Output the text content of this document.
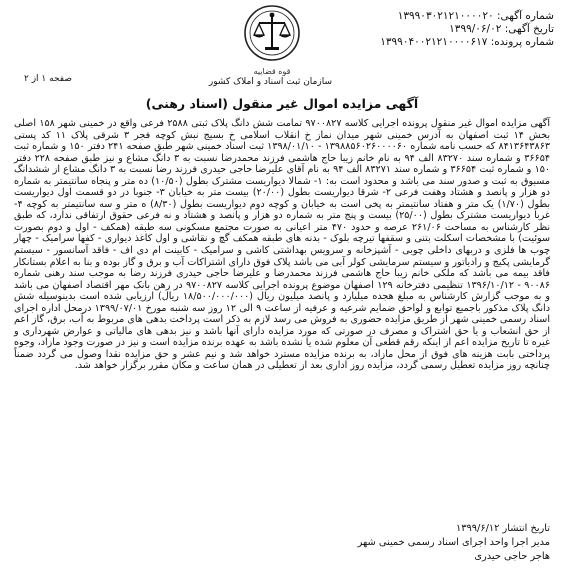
شماره آگهی: ۱۳۹۹۰۳۰۲۱۲۱۰۰۰۰۲۰
تاریخ آگهی: ۱۳۹۹/۰۶/۰۲
شماره پرونده: ۱۳۹۹۰۴۰۰۲۱۲۱۰۰۰۰۶۱۷
قوه قضاییه
سازمان ثبت اسناد و املاک کشور
صفحه ۱ از ۲
آگهی مزایده اموال غیر منقول (اسناد رهنی)
آگهی مزایده اموال غیر منقول پرونده اجرایی کلاسه ۹۷۰۰۸۲۷ تمامت شش دانگ پلاک ثبتی ۲۵۸۸ فرعی واقع در خمینی شهر ۱۵۸ اصلی بخش ۱۴ ثبت اصفهان به آدرس خمینی شهر میدان نماز خ انقلاب اسلامی خ بسیج نبش کوچه فجر ۳ شرقی پلاک ۱۱ کد پستی ۸۴۱۳۶۴۳۸۶۳ که حسب نامه شماره ۱۳۹۸۸۵۶۰۲۶۰۰۰۰۶۰ - ۱۳۹۸/۰۱/۱۰ ثبت اسناد خمینی شهر طبق صفحه ۲۴۱ دفتر ۱۵۰ و شماره ثبت ۳۶۶۵۴ و شماره سند ۸۳۲۷۰ الف ۹۴ به نام خانم زیبا حاج هاشمی فرزند محمدرضا نسبت به ۳ دانگ مشاع و نیز طبق صفحه ۲۲۸ دفتر ۱۵۰ و شماره ثبت ۳۶۶۵۴ و شماره سند ۸۳۲۷۱ الف ۹۴ به نام آقای علیرضا حاجی حیدری فرزند رضا نسبت به ۳ دانگ مشاع از ششدانگ مسبوق به ثبت و صدور سند می باشد و محدود است به: ۱- شمالا دیواریست مشترک بطول (۱۰/۵۰) ده متر و پنجاه سانتیمتر به شماره دو هزار و پانصد و هشتاد وهفت فرعی ۲- شرقا دیواریست بطول (۲۰/۰۰) بیست متر به خیابان ۳- جنوبا در دو قسمت اول دیواریست بطول (۱/۷۰) یک متر و هفتاد سانتیمتر به پخی است به خیابان و کوچه دوم دیواریست بطول (۸/۳۰) ه متر و سه سانتیمتر به کوچه ۴- غربا دیواریست مشترک بطول (۲۵/۰۰) بیست و پنج متر به شماره دو هزار و پانصد و هشتاد و نه فرعی حقوق ارتفاقی ندارد، که طبق نظر کارشناس به مساحت ۲۶۱/۰۶ عرصه و حدود ۴۷۰ متر اعیانی به صورت مجتمع مسکونی سه طبقه (همکف - اول و دوم بصورت سوئیت) با مشخصات اسکلت بتنی و سقفها تیرچه بلوک - بدنه های طبقه همکف گچ و نقاشی و اول کاغذ دیواری - کفها سرامیک - چهار چوب ها فلزی و دربهای داخلی چوبی - آشپزخانه و سرویس بهداشتی کاشی و سرامیک - کابینت ام دی اف - فاقد آسانسور - سیستم گرمایشی پکیج و رادیاتور و سیستم سرمایشی کولر آبی می باشد پلاک فوق دارای اشتراکات آب و برق و گاز بوده و بنا به اعلام بستانکار فاقد بیمه می باشد که ملکی خانم زیبا حاج هاشمی فرزند محمدرضا و علیرضا حاجی حیدری فرزند رضا به موجب سند رهنی شماره ۹۰۰۸۶ - ۱۳۹۶/۱۰/۱۲ تنظیمی دفترخانه ۱۲۹ اصفهان موضوع پرونده اجرایی کلاسه ۹۷۰۰۸۲۷ در رهن بانک مهر اقتصاد اصفهان می باشد و به موجب گزارش کارشناس به مبلغ هجده میلیارد و پانصد میلیون ریال (۱۸/۵۰۰/۰۰۰/۰۰۰ ریال) ارزیابی شده است بدینوسیله شش دانگ پلاک مذکور باجمیع توابع و لواحق ضمایم شرعیه و عرفیه از ساعت ۹ الی ۱۲ روز سه شنبه مورخ ۱۳۹۹/۰۷/۰۱ درمحل اداره اجرای اسناد رسمی خمینی شهر از طریق مزایده حضوری به فروش می رسد لازم به ذکر است پرداخت بدهی های مربوط به آب، برق، گاز اعم از حق انشعاب و یا حق اشتراک و مصرف در صورتی که مورد مزایده دارای آنها باشد و نیز بدهی های مالیاتی و عوارض شهرداری و غیره تا تاریخ مزایده اعم از اینکه رقم قطعی آن معلوم شده یا نشده باشد به عهده برنده مزایده است و نیز در صورت وجود مازاد، وجوه پرداختی بابت هزینه های فوق از محل مازاد، به برنده مزایده مسترد خواهد شد و نیم عشر و حق مزایده نقدا وصول می گردد ضمناً چنانچه روز مزایده تعطیل رسمی گردد، مزایده روز اداری بعد از تعطیلی در همان ساعت و مکان مقرر برگزار خواهد شد.
تاریخ انتشار ۱۳۹۹/۶/۱۲
مدیر اجرا واحد اجرای اسناد رسمی خمینی شهر
هاجر حاجی حیدری
